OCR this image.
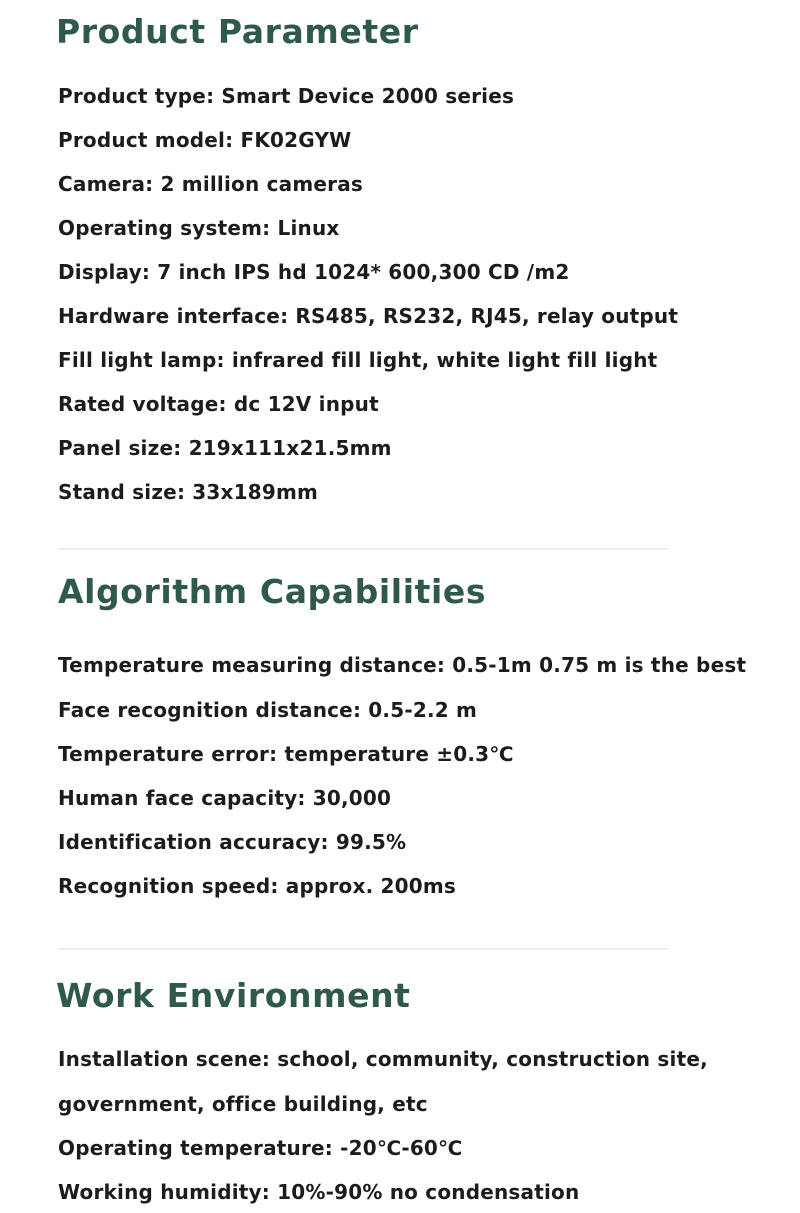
Product Parameter

Product type: Smart Device 2000 series

Product model: FK02GYW

Camera: 2 million cameras

Operating system: Linux

Display: 7 inch IPS hd 1024* 600,300 CD /m2

Hardware interface: RS485, RS232, RJ45, relay output

Fill light lamp: infrared fill light, white light fill light

Rated voltage: dc 12V input

Panel size: 219x111x21.5mm

Stand size: 33x189mm

Algorithm Capabilities

Temperature measuring distance: 0.5-1m 0.75 m is the best

Face recognition distance: 0.5-2.2 m

Temperature error: temperature ±0.3℃

Human face capacity: 30,000

Identification accuracy: 99.5%

Recognition speed: approx. 200ms

Work Environment

Installation scene: school, community, construction site,

government, office building, etc

Operating temperature: -20℃-60℃

Working humidity: 10%-90% no condensation
